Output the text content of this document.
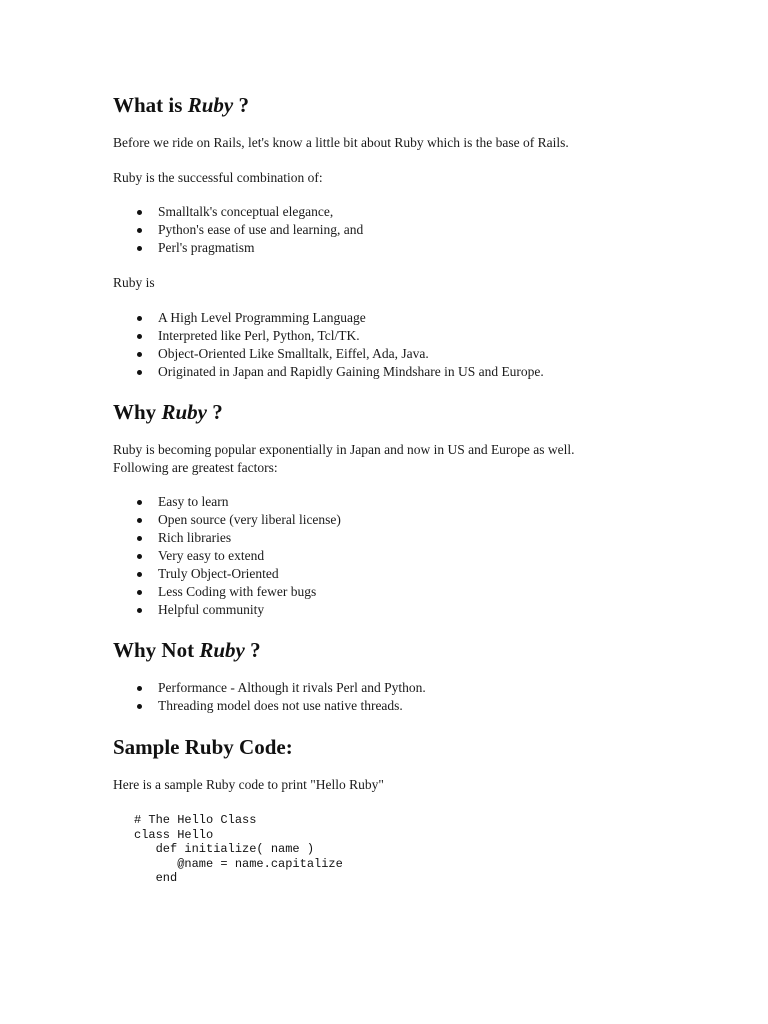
What is Ruby ?

Before we ride on Rails, let's know a little bit about Ruby which is the base of Rails.

Ruby is the successful combination of:

Smalltalk's conceptual elegance,
Python's ease of use and learning, and
Perl's pragmatism

Ruby is

A High Level Programming Language
Interpreted like Perl, Python, Tcl/TK.
Object-Oriented Like Smalltalk, Eiffel, Ada, Java.
Originated in Japan and Rapidly Gaining Mindshare in US and Europe.
Why Ruby ?

Ruby is becoming popular exponentially in Japan and now in US and Europe as well.

Following are greatest factors:

Easy to learn
Open source (very liberal license)
Rich libraries
Very easy to extend
Truly Object-Oriented
Less Coding with fewer bugs
Helpful community
Why Not Ruby ?
Performance - Although it rivals Perl and Python.
Threading model does not use native threads.
Sample Ruby Code:

Here is a sample Ruby code to print "Hello Ruby"

# The Hello Class
class Hello
def initialize( name )
@name = name.capitalize
end
